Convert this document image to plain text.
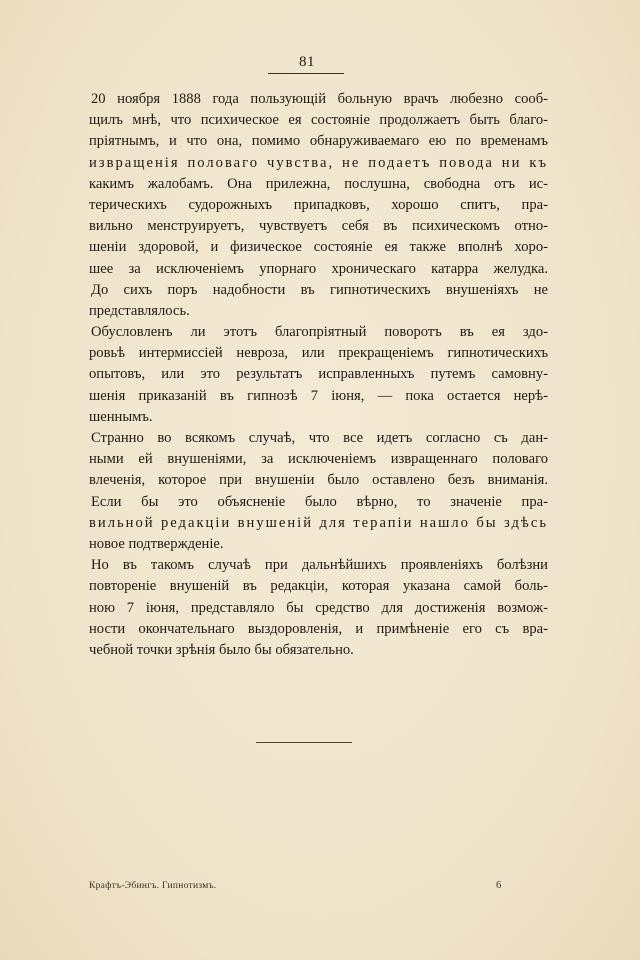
81
20 ноября 1888 года пользующій больную врачъ любезно сооб-
щилъ мнѣ, что психическое ея состояніе продолжаетъ быть благо-
пріятнымъ, и что она, помимо обнаруживаемаго ею по временамъ
извращенія половаго чувства, не подаетъ повода ни къ
какимъ жалобамъ. Она прилежна, послушна, свободна отъ ис-
терическихъ судорожныхъ припадковъ, хорошо спитъ, пра-
вильно менструируетъ, чувствуетъ себя въ психическомъ отно-
шеніи здоровой, и физическое состояніе ея также вполнѣ хоро-
шее за исключеніемъ упорнаго хроническаго катарра желудка.
До сихъ поръ надобности въ гипнотическихъ внушеніяхъ не
представлялось.
Обусловленъ ли этотъ благопріятный поворотъ въ ея здо-
ровьѣ интермиссіей невроза, или прекращеніемъ гипнотическихъ
опытовъ, или это результатъ исправленныхъ путемъ самовну-
шенія приказаній въ гипнозѣ 7 іюня, — пока остается нерѣ-
шеннымъ.
Странно во всякомъ случаѣ, что все идетъ согласно съ дан-
ными ей внушеніями, за исключеніемъ извращеннаго половаго
влеченія, которое при внушеніи было оставлено безъ вниманія.
Если бы это объясненіе было вѣрно, то значеніе пра-
вильной редакціи внушеній для терапіи нашло бы здѣсь
новое подтвержденіе.
Но въ такомъ случаѣ при дальнѣйшихъ проявленіяхъ болѣзни
повтореніе внушеній въ редакціи, которая указана самой боль-
ною 7 іюня, представляло бы средство для достиженія возмож-
ности окончательнаго выздоровленія, и примѣненіе его съ вра-
чебной точки зрѣнія было бы обязательно.
Крафтъ-Эбингъ. Гипнотизмъ.	6
